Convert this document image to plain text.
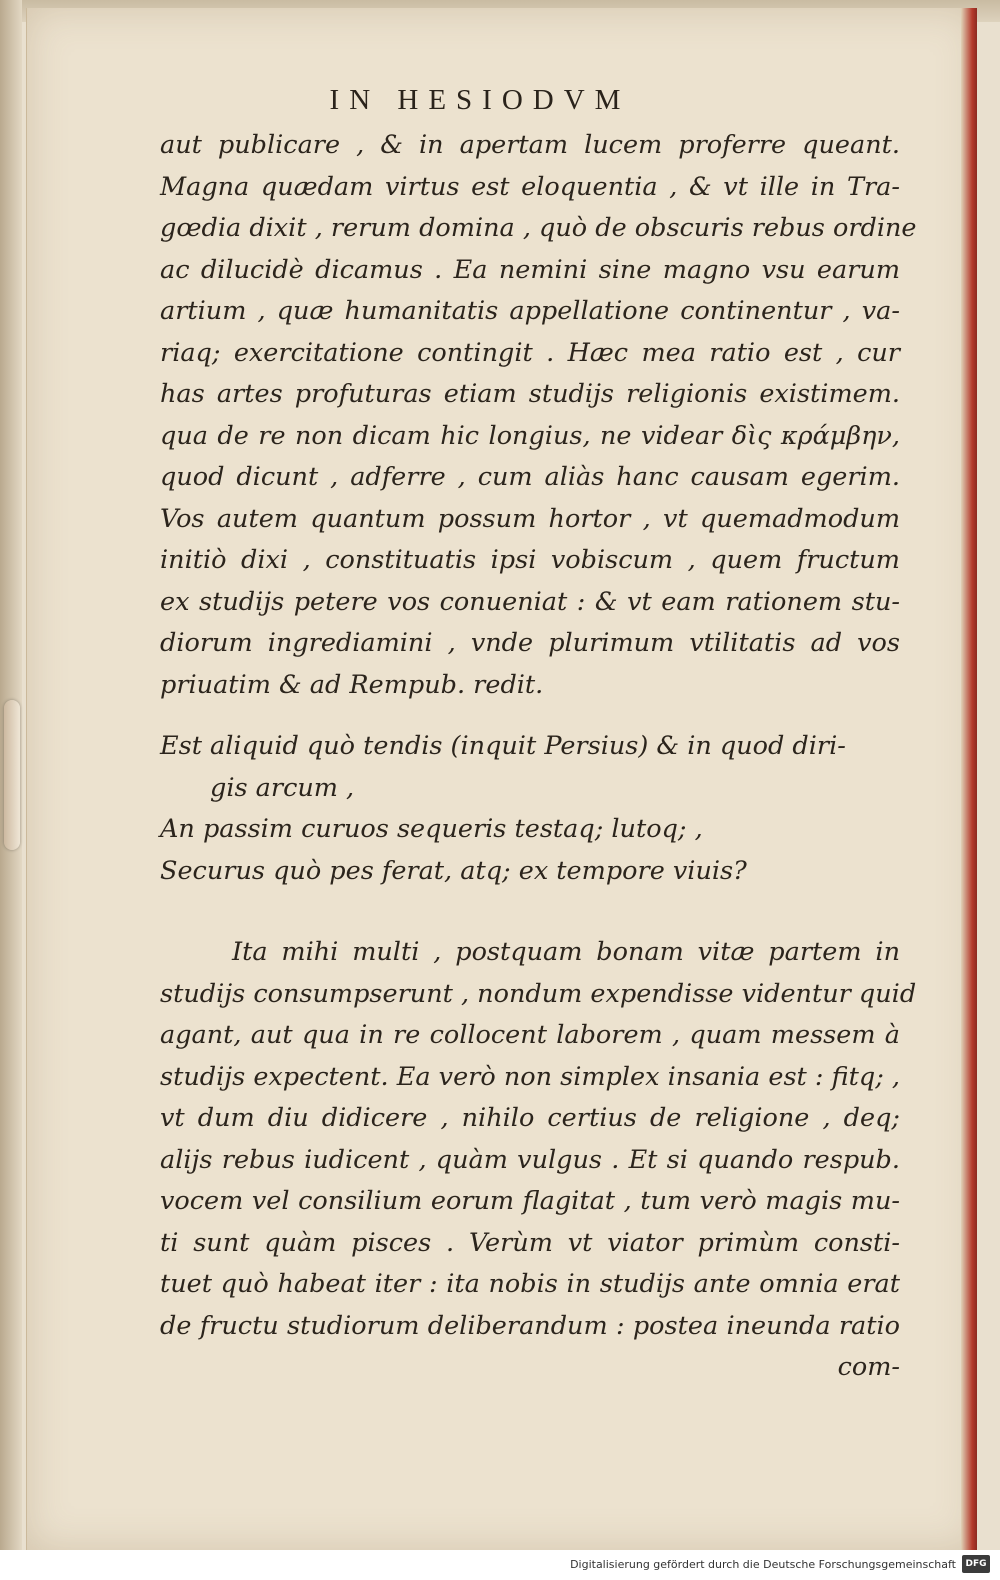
IN HESIODVM
aut publicare , & in apertam lucem proferre queant.
Magna quædam virtus est eloquentia , & vt ille in Tra-
gœdia dixit , rerum domina , quò de obscuris rebus ordine
ac dilucidè dicamus . Ea nemini sine magno vsu earum
artium , quæ humanitatis appellatione continentur , va-
riaq; exercitatione contingit . Hæc mea ratio est , cur
has artes profuturas etiam studijs religionis existimem.
qua de re non dicam hic longius, ne videar δὶς κράμβην,
quod dicunt , adferre , cum aliàs hanc causam egerim.
Vos autem quantum possum hortor , vt quemadmodum
initiò dixi , constituatis ipsi vobiscum , quem fructum
ex studijs petere vos conueniat : & vt eam rationem stu-
diorum ingrediamini , vnde plurimum vtilitatis ad vos
priuatim & ad Rempub. redit.
Est aliquid quò tendis (inquit Persius) & in quod diri-
gis arcum ,
An passim curuos sequeris testaq; lutoq; ,
Securus quò pes ferat, atq; ex tempore viuis?
Ita mihi multi , postquam bonam vitæ partem in
studijs consumpserunt , nondum expendisse videntur quid
agant, aut qua in re collocent laborem , quam messem à
studijs expectent. Ea verò non simplex insania est : fitq; ,
vt dum diu didicere , nihilo certius de religione , deq;
alijs rebus iudicent , quàm vulgus . Et si quando respub.
vocem vel consilium eorum flagitat , tum verò magis mu-
ti sunt quàm pisces . Verùm vt viator primùm consti-
tuet quò habeat iter : ita nobis in studijs ante omnia erat
de fructu studiorum deliberandum : postea ineunda ratio
com-
Digitalisierung gefördert durch die Deutsche Forschungsgemeinschaft	DFG
